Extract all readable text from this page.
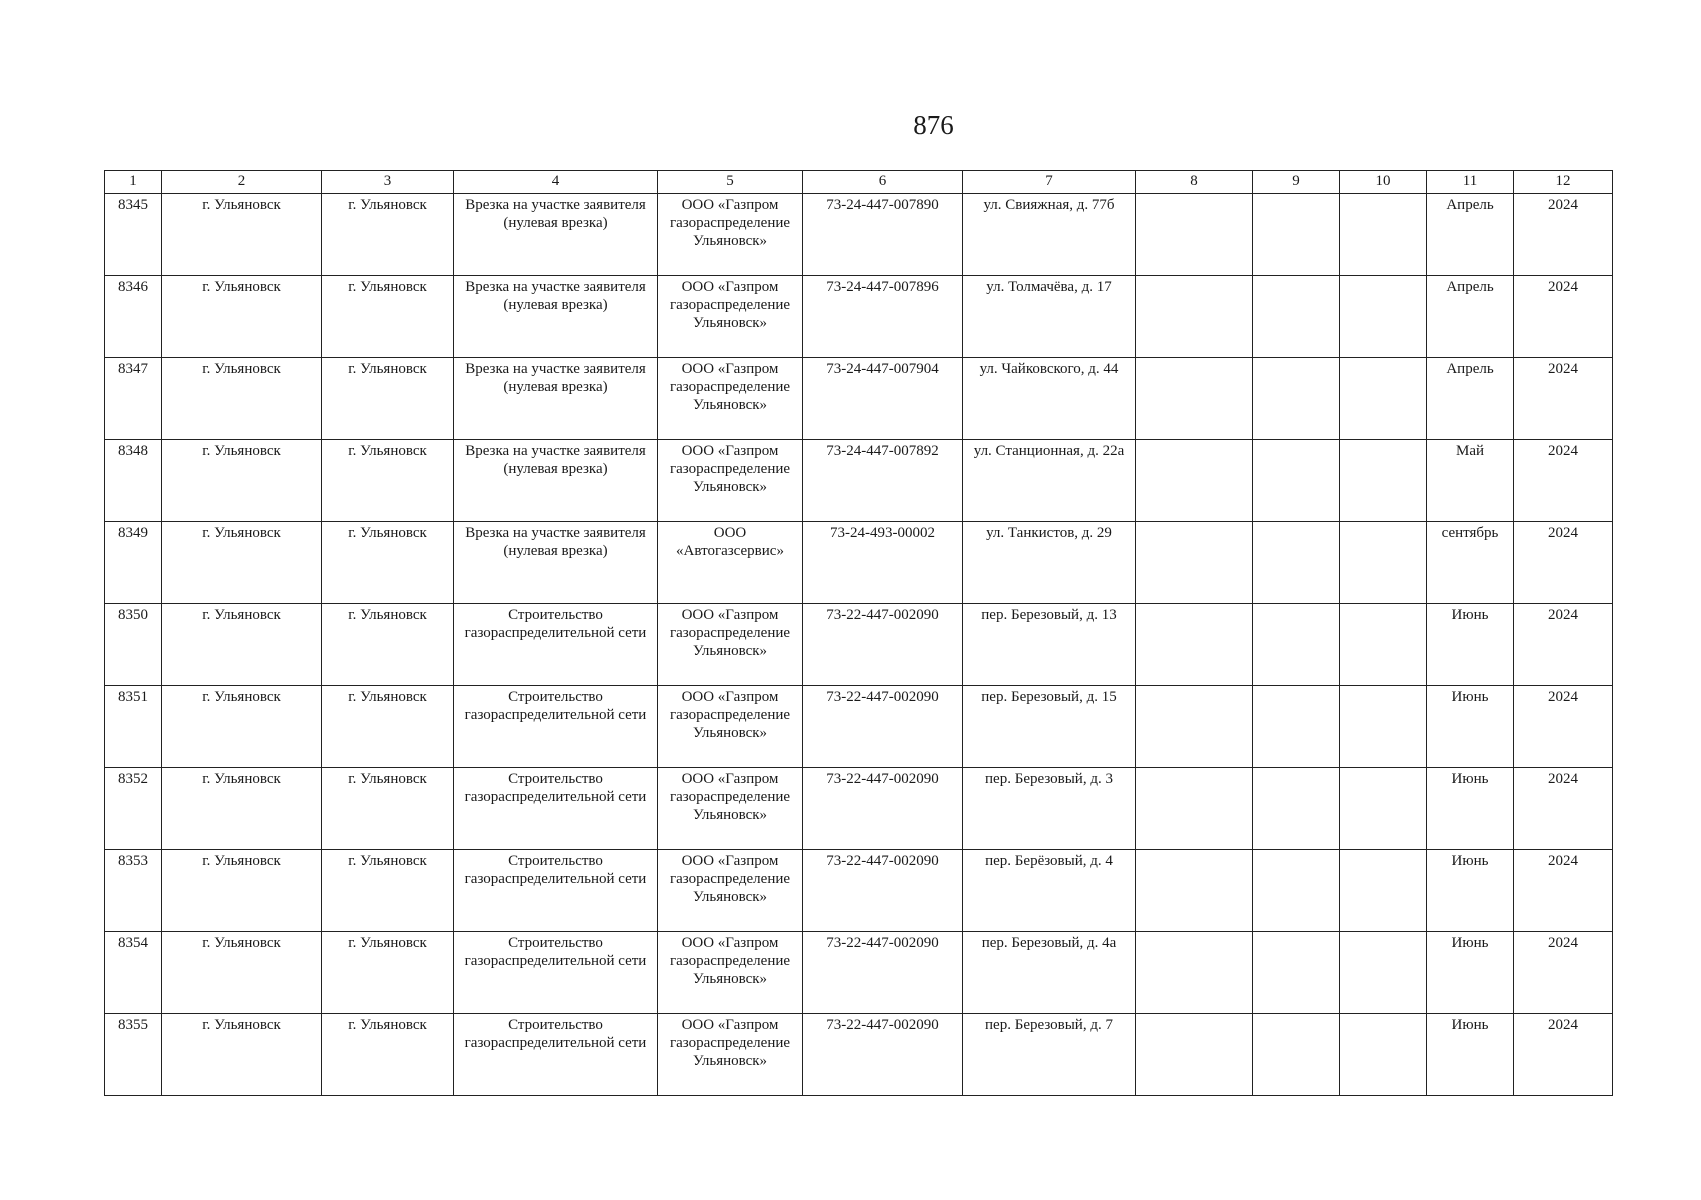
876
1	2	3	4	5	6	7	8	9	10	11	12
8345	г. Ульяновск	г. Ульяновск	Врезка на участке заявителя (нулевая врезка)	ООО «Газпром газораспределение Ульяновск»	73-24-447-007890	ул. Свияжная, д. 77б				Апрель	2024
8346	г. Ульяновск	г. Ульяновск	Врезка на участке заявителя (нулевая врезка)	ООО «Газпром газораспределение Ульяновск»	73-24-447-007896	ул. Толмачёва, д. 17				Апрель	2024
8347	г. Ульяновск	г. Ульяновск	Врезка на участке заявителя (нулевая врезка)	ООО «Газпром газораспределение Ульяновск»	73-24-447-007904	ул. Чайковского, д. 44				Апрель	2024
8348	г. Ульяновск	г. Ульяновск	Врезка на участке заявителя (нулевая врезка)	ООО «Газпром газораспределение Ульяновск»	73-24-447-007892	ул. Станционная, д. 22а				Май	2024
8349	г. Ульяновск	г. Ульяновск	Врезка на участке заявителя (нулевая врезка)	ООО «Автогазсервис»	73-24-493-00002	ул. Танкистов, д. 29				сентябрь	2024
8350	г. Ульяновск	г. Ульяновск	Строительство газораспределительной сети	ООО «Газпром газораспределение Ульяновск»	73-22-447-002090	пер. Березовый, д. 13				Июнь	2024
8351	г. Ульяновск	г. Ульяновск	Строительство газораспределительной сети	ООО «Газпром газораспределение Ульяновск»	73-22-447-002090	пер. Березовый, д. 15				Июнь	2024
8352	г. Ульяновск	г. Ульяновск	Строительство газораспределительной сети	ООО «Газпром газораспределение Ульяновск»	73-22-447-002090	пер. Березовый, д. 3				Июнь	2024
8353	г. Ульяновск	г. Ульяновск	Строительство газораспределительной сети	ООО «Газпром газораспределение Ульяновск»	73-22-447-002090	пер. Берёзовый, д. 4				Июнь	2024
8354	г. Ульяновск	г. Ульяновск	Строительство газораспределительной сети	ООО «Газпром газораспределение Ульяновск»	73-22-447-002090	пер. Березовый, д. 4а				Июнь	2024
8355	г. Ульяновск	г. Ульяновск	Строительство газораспределительной сети	ООО «Газпром газораспределение Ульяновск»	73-22-447-002090	пер. Березовый, д. 7				Июнь	2024
